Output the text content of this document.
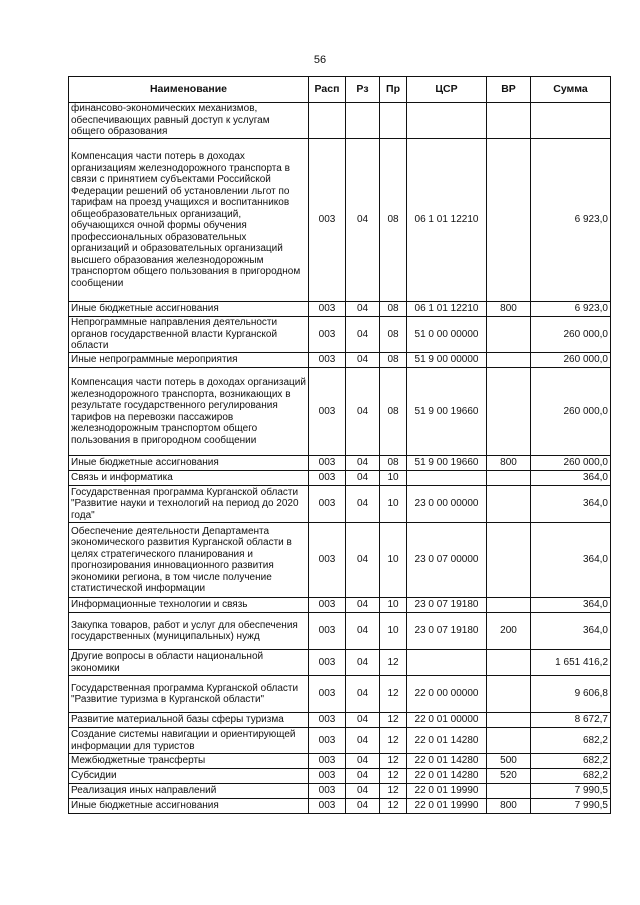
56
Наименование	Расп	Рз	Пр	ЦСР	ВР	Сумма
финансово-экономических механизмов, обеспечивающих равный доступ к услугам общего образования						
Компенсация части потерь в доходах организациям железнодорожного транспорта в связи с принятием субъектами Российской Федерации решений об установлении льгот по тарифам на проезд учащихся и воспитанников общеобразовательных организаций, обучающихся очной формы обучения профессиональных образовательных организаций и образовательных организаций высшего образования железнодорожным транспортом общего пользования в пригородном сообщении	003	04	08	06 1 01 12210		6 923,0
Иные бюджетные ассигнования	003	04	08	06 1 01 12210	800	6 923,0
Непрограммные направления деятельности органов государственной власти Курганской области	003	04	08	51 0 00 00000		260 000,0
Иные непрограммные мероприятия	003	04	08	51 9 00 00000		260 000,0
Компенсация части потерь в доходах организаций железнодорожного транспорта, возникающих в результате государственного регулирования тарифов на перевозки пассажиров железнодорожным транспортом общего пользования в пригородном сообщении	003	04	08	51 9 00 19660		260 000,0
Иные бюджетные ассигнования	003	04	08	51 9 00 19660	800	260 000,0
Связь и информатика	003	04	10			364,0
Государственная программа Курганской области "Развитие науки и технологий на период до 2020 года"	003	04	10	23 0 00 00000		364,0
Обеспечение деятельности Департамента экономического развития Курганской области в целях стратегического планирования и прогнозирования инновационного развития экономики региона, в том числе получение статистической информации	003	04	10	23 0 07 00000		364,0
Информационные технологии и связь	003	04	10	23 0 07 19180		364,0
Закупка товаров, работ и услуг для обеспечения государственных (муниципальных) нужд	003	04	10	23 0 07 19180	200	364,0
Другие вопросы в области национальной экономики	003	04	12			1 651 416,2
Государственная программа Курганской области "Развитие туризма в Курганской области"	003	04	12	22 0 00 00000		9 606,8
Развитие материальной базы сферы туризма	003	04	12	22 0 01 00000		8 672,7
Создание системы навигации и ориентирующей информации для туристов	003	04	12	22 0 01 14280		682,2
Межбюджетные трансферты	003	04	12	22 0 01 14280	500	682,2
Субсидии	003	04	12	22 0 01 14280	520	682,2
Реализация иных направлений	003	04	12	22 0 01 19990		7 990,5
Иные бюджетные ассигнования	003	04	12	22 0 01 19990	800	7 990,5
